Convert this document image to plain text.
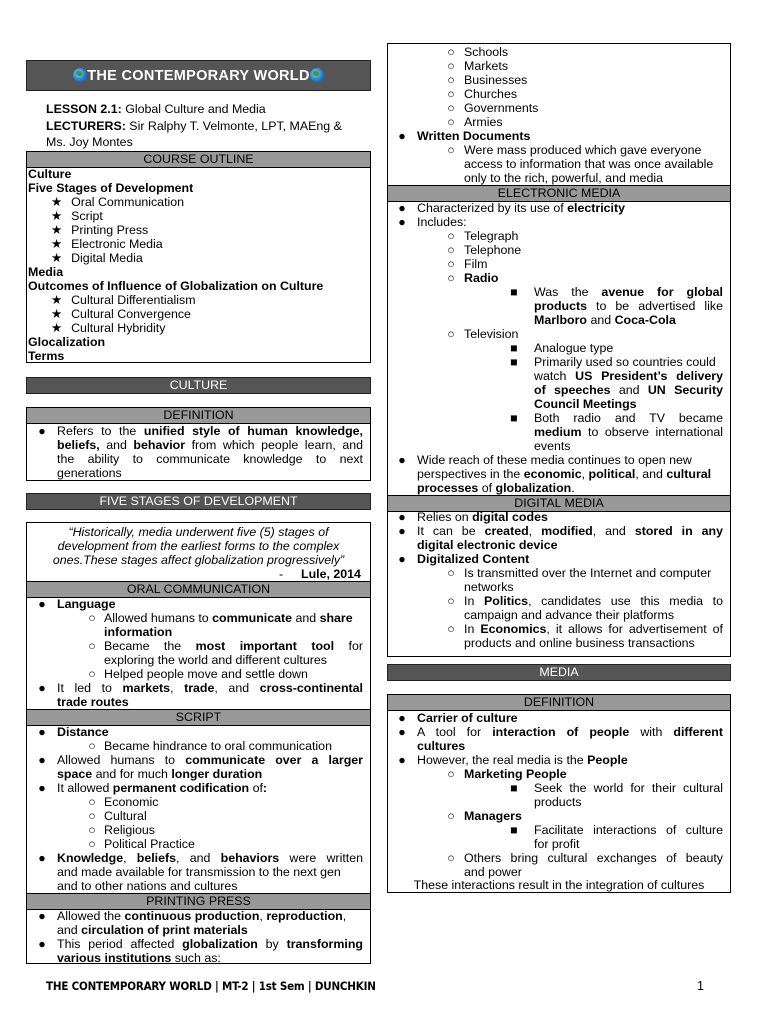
THE CONTEMPORARY WORLD
LESSON 2.1: Global Culture and Media
LECTURERS: Sir Ralphy T. Velmonte, LPT, MAEng &
Ms. Joy Montes
COURSE OUTLINE
Culture
Five Stages of Development
★ Oral Communication
★ Script
★ Printing Press
★ Electronic Media
★ Digital Media
Media
Outcomes of Influence of Globalization on Culture
★ Cultural Differentialism
★ Cultural Convergence
★ Cultural Hybridity
Glocalization
Terms
CULTURE
DEFINITION
● Refers to the unified style of human knowledge,
beliefs, and behavior from which people learn, and
the ability to communicate knowledge to next
generations
FIVE STAGES OF DEVELOPMENT
“Historically, media underwent five (5) stages of
development from the earliest forms to the complex
ones.These stages affect globalization progressively”
- Lule, 2014
ORAL COMMUNICATION
● Language
○ Allowed humans to communicate and share
information
○ Became the most important tool for
exploring the world and different cultures
○ Helped people move and settle down
● It led to markets, trade, and cross-continental
trade routes
SCRIPT
● Distance
○ Became hindrance to oral communication
● Allowed humans to communicate over a larger
space and for much longer duration
● It allowed permanent codification of:
○ Economic
○ Cultural
○ Religious
○ Political Practice
● Knowledge, beliefs, and behaviors were written
and made available for transmission to the next gen
and to other nations and cultures
PRINTING PRESS
● Allowed the continuous production, reproduction,
and circulation of print materials
● This period affected globalization by transforming
various institutions such as:
○ Schools
○ Markets
○ Businesses
○ Churches
○ Governments
○ Armies
● Written Documents
○ Were mass produced which gave everyone
access to information that was once available
only to the rich, powerful, and media
ELECTRONIC MEDIA
● Characterized by its use of electricity
● Includes:
○ Telegraph
○ Telephone
○ Film
○ Radio
■ Was the avenue for global
products to be advertised like
Marlboro and Coca-Cola
○ Television
■ Analogue type
■ Primarily used so countries could
watch US President’s delivery
of speeches and UN Security
Council Meetings
■ Both radio and TV became
medium to observe international
events
● Wide reach of these media continues to open new
perspectives in the economic, political, and cultural
processes of globalization.
DIGITAL MEDIA
● Relies on digital codes
● It can be created, modified, and stored in any
digital electronic device
● Digitalized Content
○ Is transmitted over the Internet and computer
networks
○ In Politics, candidates use this media to
campaign and advance their platforms
○ In Economics, it allows for advertisement of
products and online business transactions
MEDIA
DEFINITION
● Carrier of culture
● A tool for interaction of people with different
cultures
● However, the real media is the People
○ Marketing People
■ Seek the world for their cultural
products
○ Managers
■ Facilitate interactions of culture
for profit
○ Others bring cultural exchanges of beauty
and power
These interactions result in the integration of cultures
THE CONTEMPORARY WORLD | MT-2 | 1st Sem | DUNCHKIN	1
